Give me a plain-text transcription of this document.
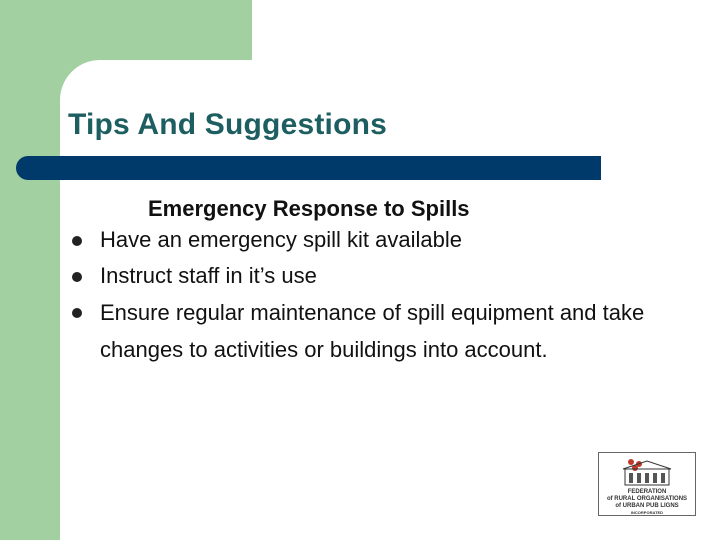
Tips And Suggestions
Emergency Response to Spills
Have an emergency spill kit available
Instruct staff in it’s use
Ensure regular maintenance of spill equipment and take changes to activities or buildings into account.
FEDERATION
of RURAL ORGANISATIONS
of URBAN PUB LIGNS
INCORPORATED
